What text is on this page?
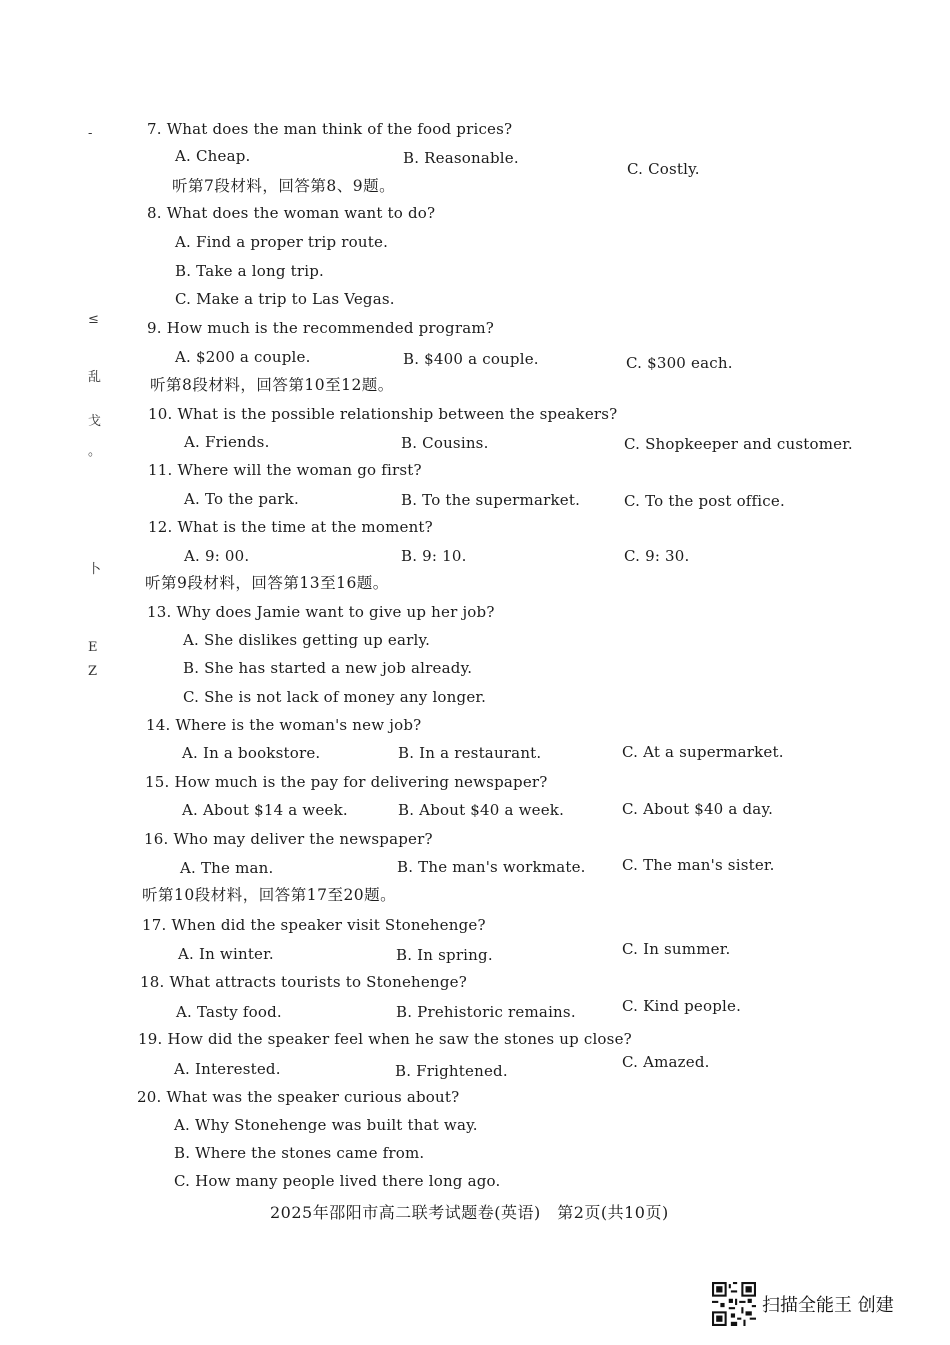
-
≤
乱
戈
。
卜
E
Z
7. What does the man think of the food prices?
A. Cheap.	B. Reasonable.
C. Costly.
听第7段材料，回答第8、9题。
8. What does the woman want to do?
A. Find a proper trip route.
B. Take a long trip.
C. Make a trip to Las Vegas.
9. How much is the recommended program?
A. $200 a couple.	B. $400 a couple.	C. $300 each.
听第8段材料，回答第10至12题。
10. What is the possible relationship between the speakers?
A. Friends.	B. Cousins.	C. Shopkeeper and customer.
11. Where will the woman go first?
A. To the park.	B. To the supermarket.	C. To the post office.
12. What is the time at the moment?
A. 9: 00.	B. 9: 10.	C. 9: 30.
听第9段材料，回答第13至16题。
13. Why does Jamie want to give up her job?
A. She dislikes getting up early.
B. She has started a new job already.
C. She is not lack of money any longer.
14. Where is the woman's new job?
A. In a bookstore.	B. In a restaurant.	C. At a supermarket.
15. How much is the pay for delivering newspaper?
A. About $14 a week.	B. About $40 a week.	C. About $40 a day.
16. Who may deliver the newspaper?
A. The man.	B. The man's workmate. C. The man's sister.
听第10段材料，回答第17至20题。
17. When did the speaker visit Stonehenge?
A. In winter.	B. In spring.	C. In summer.
18. What attracts tourists to Stonehenge?
A. Tasty food.	B. Prehistoric remains.	C. Kind people.
19. How did the speaker feel when he saw the stones up close?
A. Interested.	B. Frightened.	C. Amazed.
20. What was the speaker curious about?
A. Why Stonehenge was built that way.
B. Where the stones came from.
C. How many people lived there long ago.
2025年邵阳市高二联考试题卷(英语)　第2页(共10页)
扫描全能王 创建
